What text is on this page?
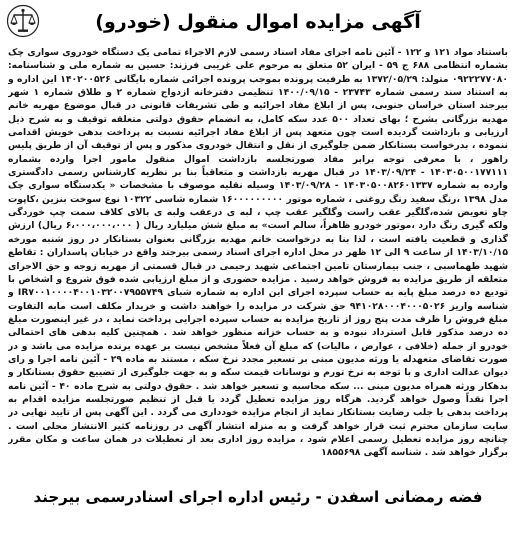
آگهی مزایده اموال منقول (خودرو)

باستناد مواد ۱۲۱ و ۱۲۲ - آئین نامه اجرای مفاد اسناد رسمی لازم الاجراء تمامی یک دستگاه خودروی سواری چک بشماره انتظامی ۶۸۸ ج ۵۹ - ایران ۵۲ متعلق به مرحوم علی غریبی فرزند: حسین به شماره ملی و شناسنامه: ۰۹۲۲۲۷۷۰۸۰ متولد: ۱۳۷۲/۰۵/۲۹ به طرفیت پرونده بموجب پرونده اجرائی شماره بایگانی ۱۴۰۲۰۰۵۲۶ این اداره و به استناد سند رسمی شماره ۲۳۷۴۳ - ۱۴۰۰/۰۹/۱۵ تنظیمی دفترخانه ازدواج شماره ۲ و طلاق شماره ۱ شهر بیرجند استان خراسان جنوبی، پس از ابلاغ مفاد اجرائیه و طی تشریفات قانونی در قبال موضوع مهریه خانم مهدیه بزرگانی بشرح ؛ بهای تعداد ۵۰۰ عدد سکه کامل، به انضمام حقوق دولتی متعلقه توقیف و به شرح ذیل ارزیابی و بازداشت گردیده است چون متعهد پس از ابلاغ مفاد اجرائیه نسبت به پرداخت بدهی خویش اقدامی ننموده ، بدرخواست بستانکار ضمن جلوگیری از نقل و انتقال خودروی مذکور و پس از توقیف آن از طریق پلیس راهور ، با معرفی نوجه برابر مفاد صورتجلسه بازداشت اموال منقول مامور اجرا وارده بشماره ۱۴۰۳۰۵۰۰۱۷۷۱۱۱ - ۱۴۰۳/۰۹/۲۴ در قبال مهریه بازداشت و متعاقباً بنا بر نظریه کارشناس رسمی دادگستری وارده به شماره ۱۴۰۳۰۵۰۰۸۲۶۰۱۳۳۷ - ۱۴۰۳/۰۹/۲۸ وسیله نقلیه موصوف با مشخصات « یکدستگاه سواری چک مدل ۱۳۹۸ ،رنگ سفید رنگ روغنی ، شماره موتور ۱۶۰۰۰۰۰۰۰۰۰ شماره شاسی ۱۰۳۲۲ نوع سوخت بنزین ،کاپوت چاو تعویض شده،گلگیر عقب راست وگلگیر عقب چپ ، لبه ی درعقب ولبه ی بالای کلاف سمت چپ خوردگی ولکه گیری رنگ دارد ،موتور خودرو ظاهراً، سالم است» به مبلغ شش میلیارد ریال ( ۶،۰۰۰،۰۰۰،۰۰۰ ریال) ارزش گذاری و قطعیت یافته است ، لذا بنا به درخواست خانم مهدیه بزرگانی بعنوان بستانکار در روز شنبه مورخه ۱۴۰۳/۱۰/۱۵ از ساعت ۹ الی ۱۲ ظهر در محل اداره اجرای اسناد رسمی بیرجند واقع در خیابان پاسداران : تقاطع شهید طهماسبی ، جنب بیمارستان تامین اجتماعی شهید رحیمی در قبال قسمتی از مهریه زوجه و حق الاجرای متعلقه از طریق مزایده به فروش خواهد رسید . مزایده حضوری و از مبلغ ارزیابی شده فوق شروع و اشخاص با تودیع ده درصد مبلغ پایه به حساب سپرده اجرای این اداره به شماره شبای IR۷۰۰۱۰۰۰۰۴۰۰۱۰۳۲۰۰۷۹۵۵۷۴۹ و شناسه واریز ۹۴۱۰۲۸۰۰۰۴۰۰۰۵۰۲۶ حق شرکت در مزایده را خواهند داشت و خریدار مکلف است مابه التفاوت مبلغ فروش را ظرف مدت پنج روز از تاریخ مزایده به حساب سپرده اجرایی پرداخت نماید ، در غیر اینصورت مبلغ ده درصد مذکور قابل استرداد نبوده و به حساب خزانه منظور خواهد شد . همچنین کلیه بدهی های احتمالی خودرو از جمله (خلافی ، عوارض ، مالیات) که مبلغ آن فعلاً مشخص نیست بر عهده برنده مزایده می باشد و در صورت تقاضای متعهدله یا ورثه مدیون مبنی بر تسعیر مجدد نرخ سکه ، مستند به ماده ۲۹ - آئین نامه اجرا و رای دیوان عدالت اداری و با توجه به نرخ تورم و نوسانات قیمت سکه و به جهت جلوگیری از تضییع حقوق بستانکار و بدهکار ورثه همراه مدیون مبنی ... سکه محاسبه و تسعیر خواهد شد . حقوق دولتی به شرح ماده ۴۰ - آئین نامه اجرا نقداً وصول خواهد گردید. هرگاه روز مزایده تعطیل گردد یا قبل از تنظیم صورتجلسه مزایده اقدام به پرداخت بدهی یا جلب رضایت بستانکار نماید از انجام مزایده خودداری می گردد . این آگهی پس از تایید نهایی در سایت سازمان محترم ثبت قرار خواهد گرفت و به منزله انتشار آگهی در روزنامه کثیر الانتشار محلی است . چنانچه روز مزایده تعطیل رسمی اعلام شود ، مزایده روز اداری بعد از تعطیلات در همان ساعت و مکان مقرر برگزار خواهد شد . شناسه آگهی ۱۸۵۵۶۹۸

فضه رمضانی اسفدن - رئیس اداره اجرای اسنادرسمی بیرجند
